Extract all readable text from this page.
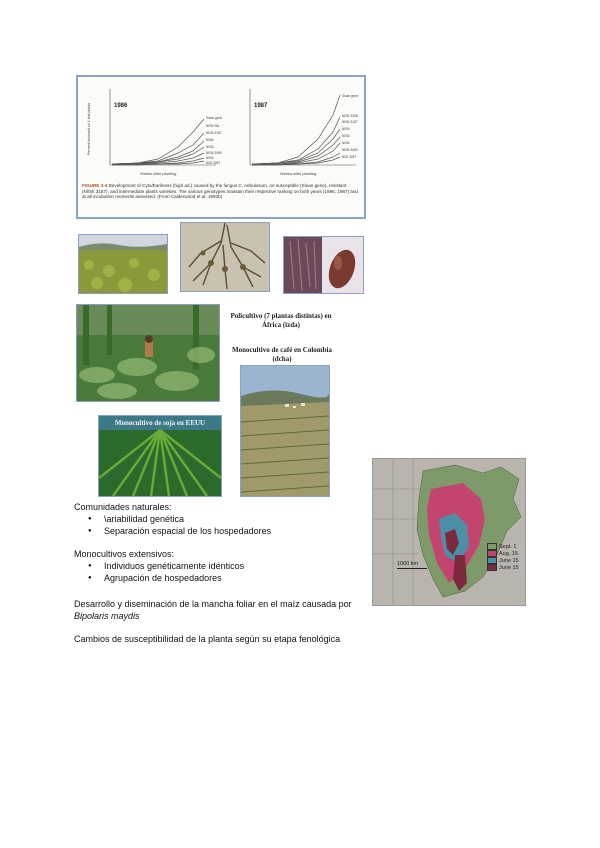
1986
Weeks after planting
Percent lesioned on 1 leaf plants	Sloan gene
Nl/Sk Sld
Nl/Sk 3187
Nl/Sk
Nl/Sk
Nl/Sk 3080
Nl/Sk
Nl/D 3287
1987
Weeks after planting
Sloan gene
Nl/Sk 3308
Nl/Sk 3187
Nl/Sk
Nl/Sk
Nl/Sk
Nl/Sk 3080
Nl/D 3287
FIGURE 3-4 Development of Cyto/Earliness (high ad.) caused by the fungus C. nebulosum, on susceptible (Sloan gene), resistant (Nl/Sk 3187), and intermediate plants varieties. The various genotypes maintain their respective ranking on both years (1986, 1987) and at all incubation moments assessed. (From Calderwood et al. 1993b)
Policultivo (7 plantas distintas) en África (izda)
Monocultivo de café en Colombia (dcha)
Monocultivo de soja en EEUU
1000 km
Sept. 1
Aug. 15
June 15
June 15
Comunidades naturales:
● \ariabilidad genética
● Separación espacial de los hospedadores
Monocultivos extensivos:
● Individuos genéticamente idénticos
● Agrupación de hospedadores
Desarrollo y diseminación de la mancha foliar en el maíz causada por
Bipolaris maydis
Cambios de susceptibilidad de la planta según su etapa fenológica
